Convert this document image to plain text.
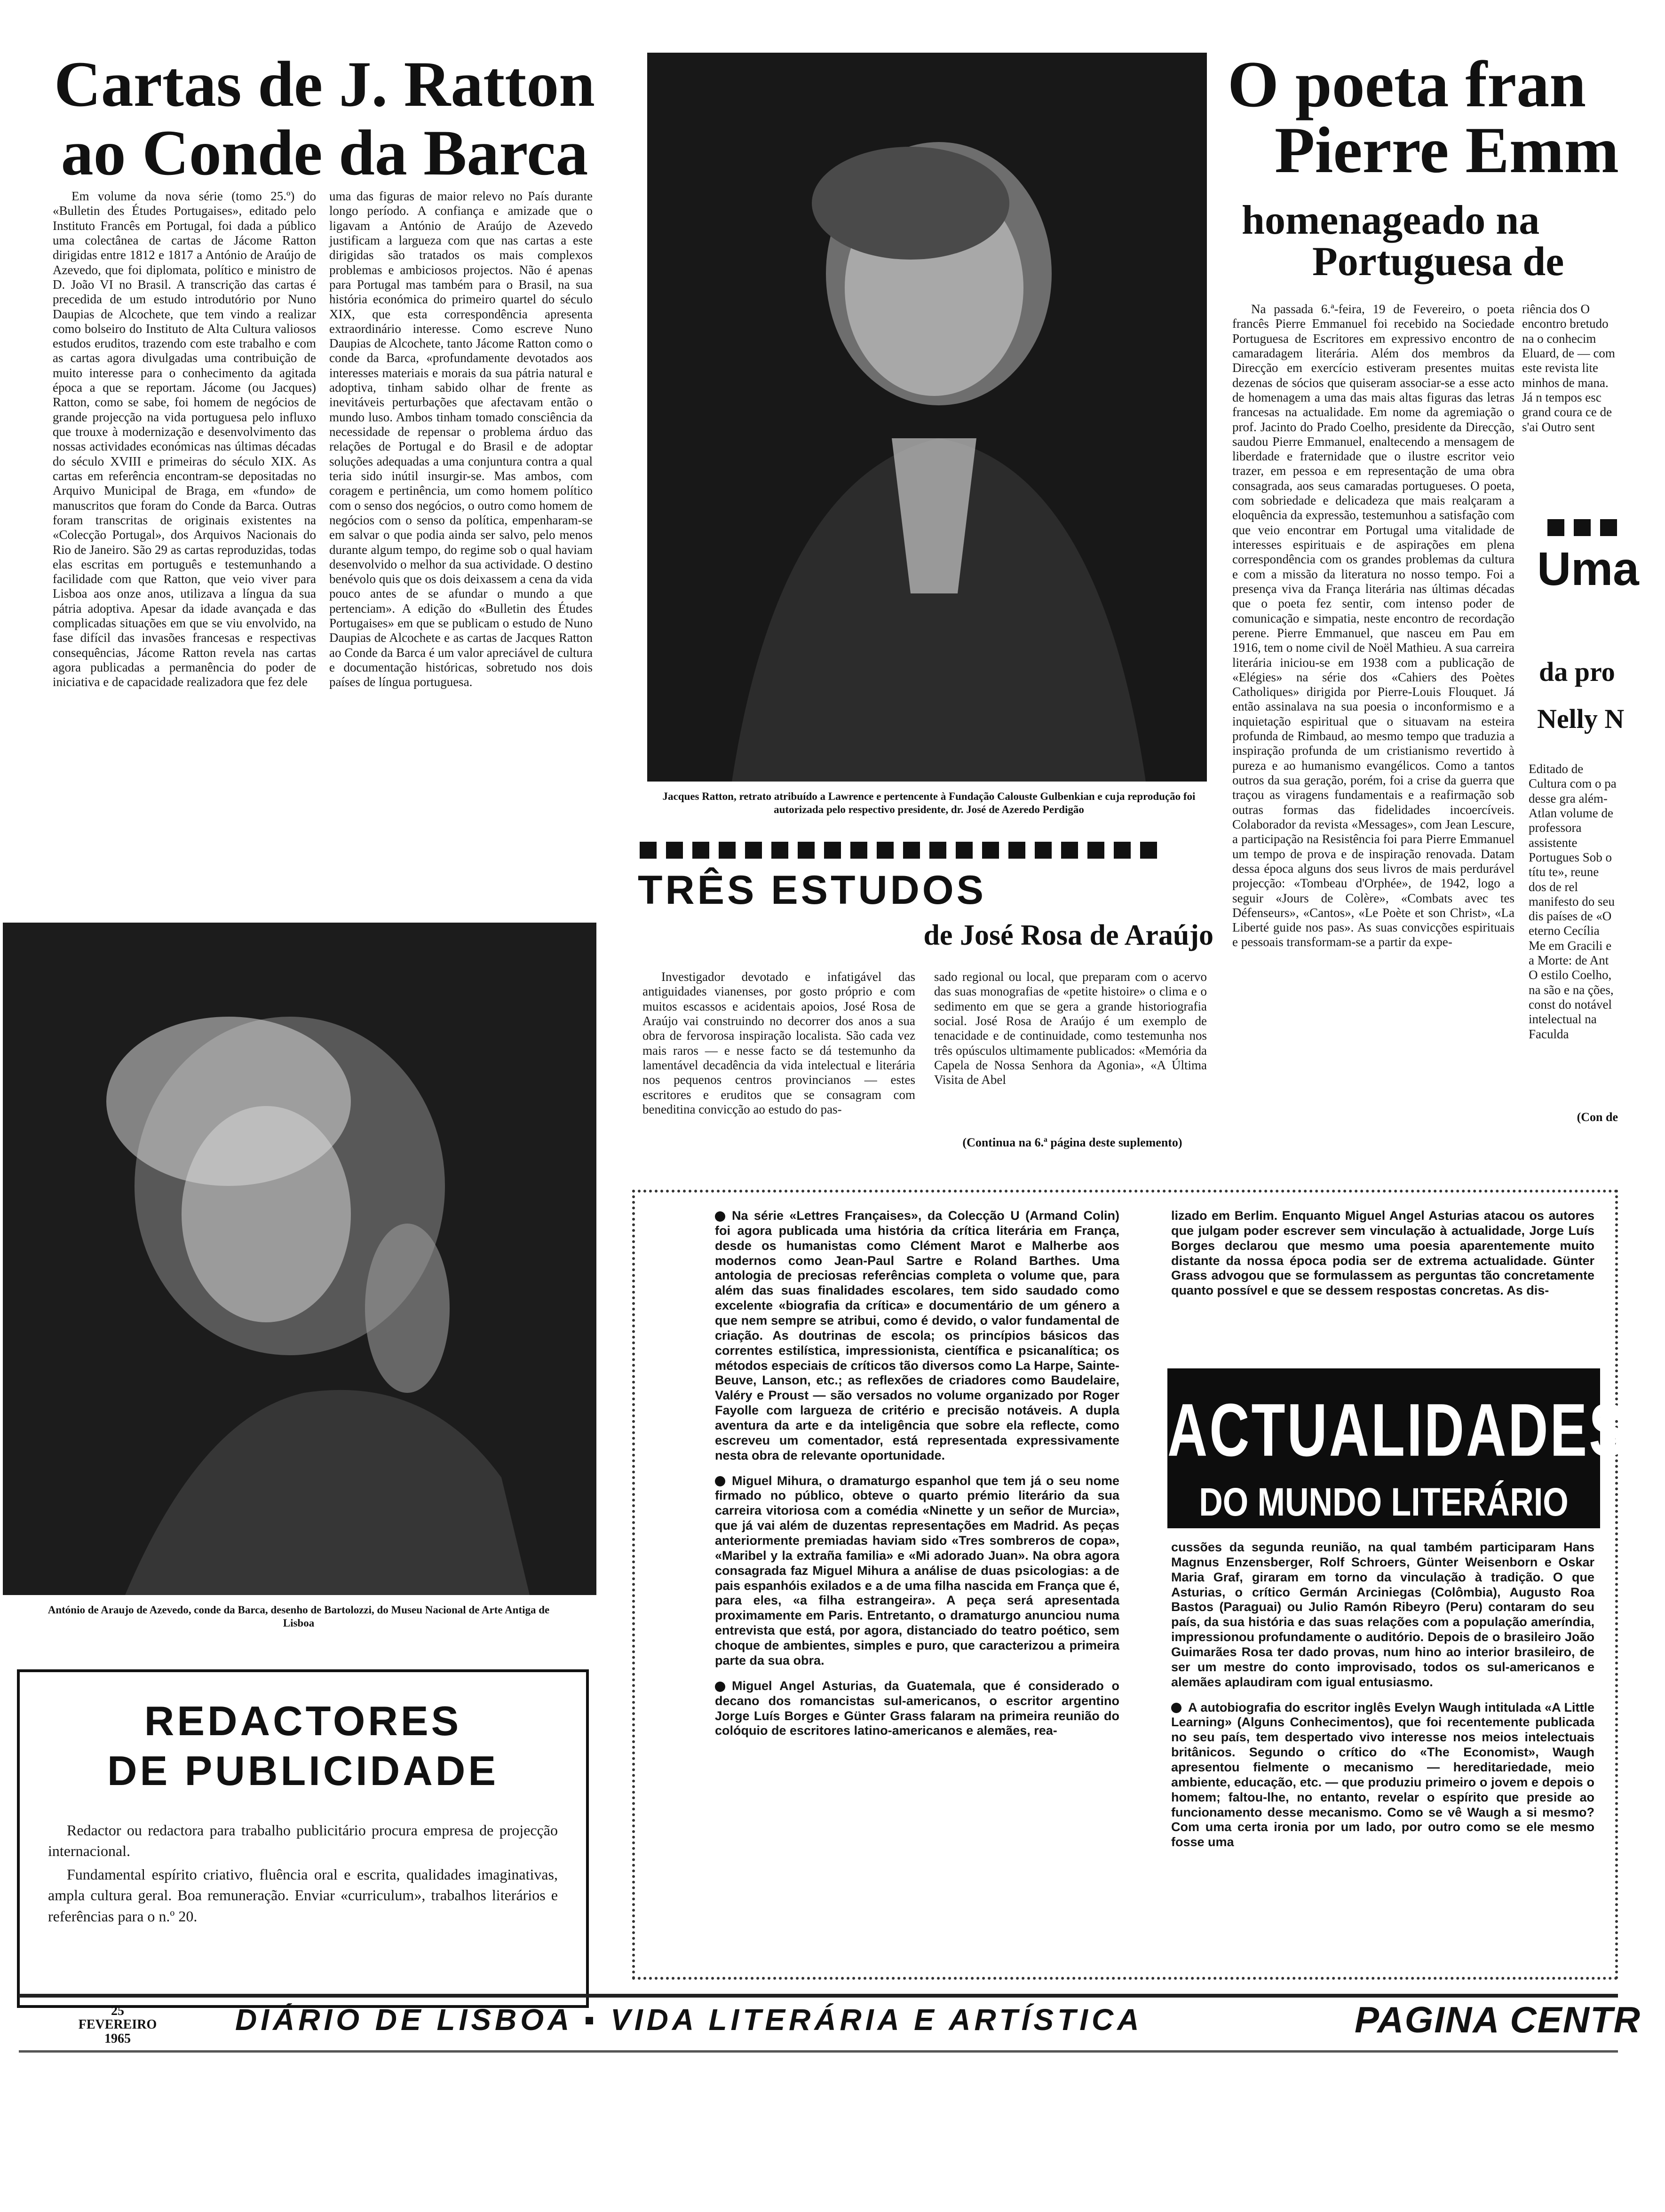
Cartas de J. Ratton
ao Conde da Barca

Em volume da nova série (tomo 25.º) do «Bulletin des Études Portugaises», editado pelo Instituto Francês em Portugal, foi dada a público uma colectânea de cartas de Jácome Ratton dirigidas entre 1812 e 1817 a António de Araújo de Azevedo, que foi diplomata, político e ministro de D. João VI no Brasil. A transcrição das cartas é precedida de um estudo introdutório por Nuno Daupias de Alcochete, que tem vindo a realizar como bolseiro do Instituto de Alta Cultura valiosos estudos eruditos, trazendo com este trabalho e com as cartas agora divulgadas uma contribuição de muito interesse para o conhecimento da agitada época a que se reportam. Jácome (ou Jacques) Ratton, como se sabe, foi homem de negócios de grande projecção na vida portuguesa pelo influxo que trouxe à modernização e desenvolvimento das nossas actividades económicas nas últimas décadas do século XVIII e primeiras do século XIX. As cartas em referência encontram-se depositadas no Arquivo Municipal de Braga, em «fundo» de manuscritos que foram do Conde da Barca. Outras foram transcritas de originais existentes na «Colecção Portugal», dos Arquivos Nacionais do Rio de Janeiro. São 29 as cartas reproduzidas, todas elas escritas em português e testemunhando a facilidade com que Ratton, que veio viver para Lisboa aos onze anos, utilizava a língua da sua pátria adoptiva. Apesar da idade avançada e das complicadas situações em que se viu envolvido, na fase difícil das invasões francesas e respectivas consequências, Jácome Ratton revela nas cartas agora publicadas a permanência do poder de iniciativa e de capacidade realizadora que fez dele

uma das figuras de maior relevo no País durante longo período. A confiança e amizade que o ligavam a António de Araújo de Azevedo justificam a largueza com que nas cartas a este dirigidas são tratados os mais complexos problemas e ambiciosos projectos. Não é apenas para Portugal mas também para o Brasil, na sua história económica do primeiro quartel do século XIX, que esta correspondência apresenta extraordinário interesse. Como escreve Nuno Daupias de Alcochete, tanto Jácome Ratton como o conde da Barca, «profundamente devotados aos interesses materiais e morais da sua pátria natural e adoptiva, tinham sabido olhar de frente as inevitáveis perturbações que afectavam então o mundo luso. Ambos tinham tomado consciência da necessidade de repensar o problema árduo das relações de Portugal e do Brasil e de adoptar soluções adequadas a uma conjuntura contra a qual teria sido inútil insurgir-se. Mas ambos, com coragem e pertinência, um como homem político com o senso dos negócios, o outro como homem de negócios com o senso da política, empenharam-se em salvar o que podia ainda ser salvo, pelo menos durante algum tempo, do regime sob o qual haviam desenvolvido o melhor da sua actividade. O destino benévolo quis que os dois deixassem a cena da vida pouco antes de se afundar o mundo a que pertenciam». A edição do «Bulletin des Études Portugaises» em que se publicam o estudo de Nuno Daupias de Alcochete e as cartas de Jacques Ratton ao Conde da Barca é um valor apreciável de cultura e documentação históricas, sobretudo nos dois países de língua portuguesa.

António de Araujo de Azevedo, conde da Barca, desenho de Bartolozzi, do Museu Nacional de Arte Antiga de Lisboa
REDACTORES
DE PUBLICIDADE

Redactor ou redactora para trabalho publicitário procura empresa de projecção internacional.

Fundamental espírito criativo, fluência oral e escrita, qualidades imaginativas, ampla cultura geral. Boa remuneração. Enviar «curriculum», trabalhos literários e referências para o n.º 20.

Jacques Ratton, retrato atribuído a Lawrence e pertencente à Fundação Calouste Gulbenkian e cuja reprodução foi autorizada pelo respectivo presidente, dr. José de Azeredo Perdigão
TRÊS ESTUDOS
de José Rosa de Araújo

Investigador devotado e infatigável das antiguidades vianenses, por gosto próprio e com muitos escassos e acidentais apoios, José Rosa de Araújo vai construindo no decorrer dos anos a sua obra de fervorosa inspiração localista. São cada vez mais raros — e nesse facto se dá testemunho da lamentável decadência da vida intelectual e literária nos pequenos centros provincianos — estes escritores e eruditos que se consagram com beneditina convicção ao estudo do pas-

sado regional ou local, que preparam com o acervo das suas monografias de «petite histoire» o clima e o sedimento em que se gera a grande historiografia social. José Rosa de Araújo é um exemplo de tenacidade e de continuidade, como testemunha nos três opúsculos ultimamente publicados: «Memória da Capela de Nossa Senhora da Agonia», «A Última Visita de Abel

(Continua na 6.ª página deste suplemento)
O poeta fran
Pierre Emm
homenageado na
Portuguesa de

Na passada 6.ª-feira, 19 de Fevereiro, o poeta francês Pierre Emmanuel foi recebido na Sociedade Portuguesa de Escritores em expressivo encontro de camaradagem literária. Além dos membros da Direcção em exercício estiveram presentes muitas dezenas de sócios que quiseram associar-se a esse acto de homenagem a uma das mais altas figuras das letras francesas na actualidade. Em nome da agremiação o prof. Jacinto do Prado Coelho, presidente da Direcção, saudou Pierre Emmanuel, enaltecendo a mensagem de liberdade e fraternidade que o ilustre escritor veio trazer, em pessoa e em representação de uma obra consagrada, aos seus camaradas portugueses. O poeta, com sobriedade e delicadeza que mais realçaram a eloquência da expressão, testemunhou a satisfação com que veio encontrar em Portugal uma vitalidade de interesses espirituais e de aspirações em plena correspondência com os grandes problemas da cultura e com a missão da literatura no nosso tempo. Foi a presença viva da França literária nas últimas décadas que o poeta fez sentir, com intenso poder de comunicação e simpatia, neste encontro de recordação perene. Pierre Emmanuel, que nasceu em Pau em 1916, tem o nome civil de Noël Mathieu. A sua carreira literária iniciou-se em 1938 com a publicação de «Elégies» na série dos «Cahiers des Poètes Catholiques» dirigida por Pierre-Louis Flouquet. Já então assinalava na sua poesia o inconformismo e a inquietação espiritual que o situavam na esteira profunda de Rimbaud, ao mesmo tempo que traduzia a inspiração profunda de um cristianismo revertido à pureza e ao humanismo evangélicos. Como a tantos outros da sua geração, porém, foi a crise da guerra que traçou as viragens fundamentais e a reafirmação sob outras formas das fidelidades incoercíveis. Colaborador da revista «Messages», com Jean Lescure, a participação na Resistência foi para Pierre Emmanuel um tempo de prova e de inspiração renovada. Datam dessa época alguns dos seus livros de mais perdurável projecção: «Tombeau d'Orphée», de 1942, logo a seguir «Jours de Colère», «Combats avec tes Défenseurs», «Cantos», «Le Poète et son Christ», «La Liberté guide nos pas». As suas convicções espirituais e pessoais transformam-se a partir da expe-

riência dos O encontro bretudo na o conhecim Eluard, de — com este revista lite minhos de mana. Já n tempos esc grand coura ce de s'ai Outro sent

Uma
da pro
Nelly N

Editado de Cultura com o pa desse gra além-Atlan volume de professora assistente Portugues Sob o títu te», reune dos de rel manifesto do seu dis países de «O eterno Cecília Me em Gracili e a Morte: de Ant O estilo Coelho, na são e na ções, const do notável intelectual na Faculda

(Con de

Na série «Lettres Françaises», da Colecção U (Armand Colin) foi agora publicada uma história da crítica literária em França, desde os humanistas como Clément Marot e Malherbe aos modernos como Jean-Paul Sartre e Roland Barthes. Uma antologia de preciosas referências completa o volume que, para além das suas finalidades escolares, tem sido saudado como excelente «biografia da crítica» e documentário de um género a que nem sempre se atribui, como é devido, o valor fundamental de criação. As doutrinas de escola; os princípios básicos das correntes estilística, impressionista, científica e psicanalítica; os métodos especiais de críticos tão diversos como La Harpe, Sainte-Beuve, Lanson, etc.; as reflexões de criadores como Baudelaire, Valéry e Proust — são versados no volume organizado por Roger Fayolle com largueza de critério e precisão notáveis. A dupla aventura da arte e da inteligência que sobre ela reflecte, como escreveu um comentador, está representada expressivamente nesta obra de relevante oportunidade.

Miguel Mihura, o dramaturgo espanhol que tem já o seu nome firmado no público, obteve o quarto prémio literário da sua carreira vitoriosa com a comédia «Ninette y un señor de Murcia», que já vai além de duzentas representações em Madrid. As peças anteriormente premiadas haviam sido «Tres sombreros de copa», «Maribel y la extraña familia» e «Mi adorado Juan». Na obra agora consagrada faz Miguel Mihura a análise de duas psicologias: a de pais espanhóis exilados e a de uma filha nascida em França que é, para eles, «a filha estrangeira». A peça será apresentada proximamente em Paris. Entretanto, o dramaturgo anunciou numa entrevista que está, por agora, distanciado do teatro poético, sem choque de ambientes, simples e puro, que caracterizou a primeira parte da sua obra.

Miguel Angel Asturias, da Guatemala, que é considerado o decano dos romancistas sul-americanos, o escritor argentino Jorge Luís Borges e Günter Grass falaram na primeira reunião do colóquio de escritores latino-americanos e alemães, rea-

lizado em Berlim. Enquanto Miguel Angel Asturias atacou os autores que julgam poder escrever sem vinculação à actualidade, Jorge Luís Borges declarou que mesmo uma poesia aparentemente muito distante da nossa época podia ser de extrema actualidade. Günter Grass advogou que se formulassem as perguntas tão concretamente quanto possível e que se dessem respostas concretas. As dis-

ACTUALIDADES
DO MUNDO LITERÁRIO

cussões da segunda reunião, na qual também participaram Hans Magnus Enzensberger, Rolf Schroers, Günter Weisenborn e Oskar Maria Graf, giraram em torno da vinculação à tradição. O que Asturias, o crítico Germán Arciniegas (Colômbia), Augusto Roa Bastos (Paraguai) ou Julio Ramón Ribeyro (Peru) contaram do seu país, da sua história e das suas relações com a população ameríndia, impressionou profundamente o auditório. Depois de o brasileiro João Guimarães Rosa ter dado provas, num hino ao interior brasileiro, de ser um mestre do conto improvisado, todos os sul-americanos e alemães aplaudiram com igual entusiasmo.

A autobiografia do escritor inglês Evelyn Waugh intitulada «A Little Learning» (Alguns Conhecimentos), que foi recentemente publicada no seu país, tem despertado vivo interesse nos meios intelectuais britânicos. Segundo o crítico do «The Economist», Waugh apresentou fielmente o mecanismo — hereditariedade, meio ambiente, educação, etc. — que produziu primeiro o jovem e depois o homem; faltou-lhe, no entanto, revelar o espírito que preside ao funcionamento desse mecanismo. Como se vê Waugh a si mesmo? Com uma certa ironia por um lado, por outro como se ele mesmo fosse uma

25
FEVEREIRO
1965
DIÁRIO DE LISBOA ▪ VIDA LITERÁRIA E ARTÍSTICA	PAGINA CENTR
